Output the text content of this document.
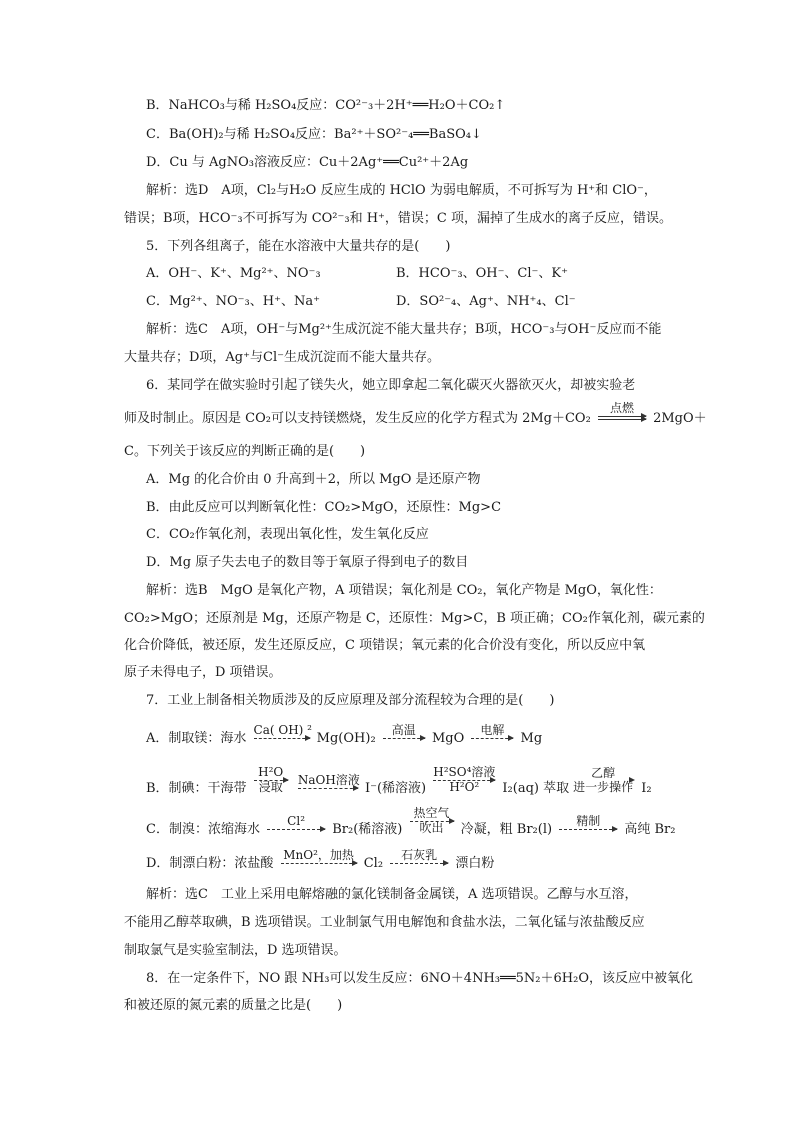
B．NaHCO₃与稀 H₂SO₄反应：CO²⁻₃＋2H⁺══H₂O＋CO₂↑
C．Ba(OH)₂与稀 H₂SO₄反应：Ba²⁺＋SO²⁻₄══BaSO₄↓
D．Cu 与 AgNO₃溶液反应：Cu＋2Ag⁺══Cu²⁺＋2Ag
解析：选D　A项，Cl₂与H₂O 反应生成的 HClO 为弱电解质，不可拆写为 H⁺和 ClO⁻，
错误；B项，HCO⁻₃不可拆写为 CO²⁻₃和 H⁺，错误；C 项，漏掉了生成水的离子反应，错误。
5．下列各组离子，能在水溶液中大量共存的是(　　)
A．OH⁻、K⁺、Mg²⁺、NO⁻₃	B．HCO⁻₃、OH⁻、Cl⁻、K⁺
C．Mg²⁺、NO⁻₃、H⁺、Na⁺	D．SO²⁻₄、Ag⁺、NH⁺₄、Cl⁻
解析：选C　A项，OH⁻与Mg²⁺生成沉淀不能大量共存；B项，HCO⁻₃与OH⁻反应而不能
大量共存；D项，Ag⁺与Cl⁻生成沉淀而不能大量共存。
6．某同学在做实验时引起了镁失火，她立即拿起二氧化碳灭火器欲灭火，却被实验老
师及时制止。原因是 CO₂可以支持镁燃烧，发生反应的化学方程式为 2Mg＋CO₂
点燃
2MgO＋
C。下列关于该反应的判断正确的是(　　)
A．Mg 的化合价由 0 升高到＋2，所以 MgO 是还原产物
B．由此反应可以判断氧化性：CO₂>MgO，还原性：Mg>C
C．CO₂作氧化剂，表现出氧化性，发生氧化反应
D．Mg 原子失去电子的数目等于氧原子得到电子的数目
解析：选B　MgO 是氧化产物，A 项错误；氧化剂是 CO₂，氧化产物是 MgO，氧化性：
CO₂>MgO；还原剂是 Mg，还原产物是 C，还原性：Mg>C，B 项正确；CO₂作氧化剂，碳元素的
化合价降低，被还原，发生还原反应，C 项错误；氧元素的化合价没有变化，所以反应中氧
原子未得电子，D 项错误。
7．工业上制备相关物质涉及的反应原理及部分流程较为合理的是(　　)
A．制取镁：海水
Ca( OH) ²
Mg(OH)₂
高温
MgO
电解
Mg
B．制碘：干海带
H²O
浸取
	NaOH溶液
I⁻(稀溶液)
H²SO⁴溶液
H²O²	I₂(aq) 萃取
乙醇
进一步操作 I₂
C．制溴：浓缩海水
Cl²
Br₂(稀溶液)
热空气
吹出	冷凝，粗 Br₂(l)
精制
高纯 Br₂
D．制漂白粉：浓盐酸
MnO²，加热
Cl₂
石灰乳
漂白粉
解析：选C　工业上采用电解熔融的氯化镁制备金属镁，A 选项错误。乙醇与水互溶，
不能用乙醇萃取碘，B 选项错误。工业制氯气用电解饱和食盐水法，二氧化锰与浓盐酸反应
制取氯气是实验室制法，D 选项错误。
8．在一定条件下，NO 跟 NH₃可以发生反应：6NO＋4NH₃══5N₂＋6H₂O，该反应中被氧化
和被还原的氮元素的质量之比是(　　)
